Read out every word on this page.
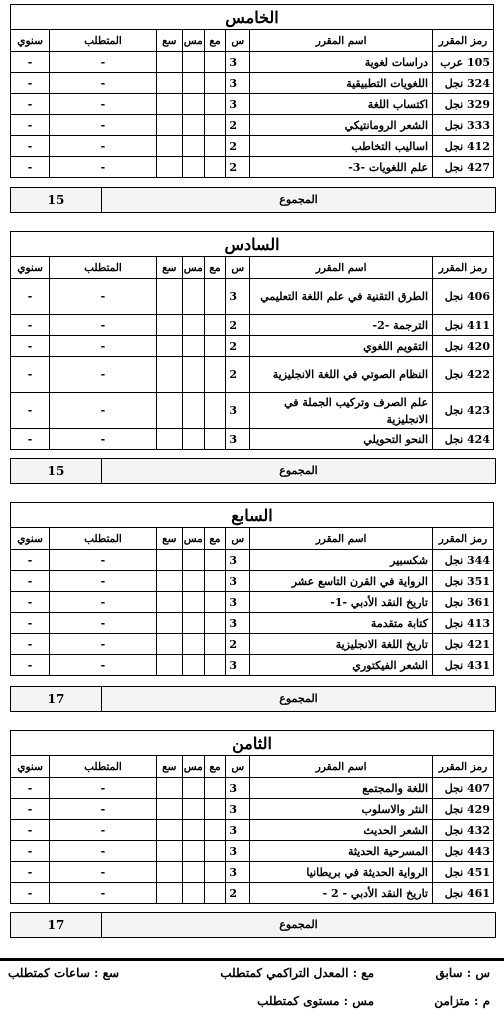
الخامس							
سنوي	المتطلب	سع	مس	مع	س	اسم المقرر	رمز المقرر
-	-				3	دراسات لغوية	105 عرب
-	-				3	اللغويات التطبيقية	324 نجل
-	-				3	اكتساب اللغة	329 نجل
-	-				2	الشعر الرومانتيكي	333 نجل
-	-				2	اساليب التخاطب	412 نجل
-	-				2	علم اللغويات -3-	427 نجل
15	المجموع
السادس							
سنوي	المتطلب	سع	مس	مع	س	اسم المقرر	رمز المقرر
-	-				3	الطرق التقنية في علم اللغة التعليمي	406 نجل
-	-				2	الترجمة -2-	411 نجل
-	-				2	التقويم اللغوي	420 نجل
-	-				2	النظام الصوتي في اللغة الانجليزية	422 نجل
-	-				3	علم الصرف وتركيب الجملة في الانجليزية	423 نجل
-	-				3	النحو التحويلي	424 نجل
15	المجموع
السابع							
سنوي	المتطلب	سع	مس	مع	س	اسم المقرر	رمز المقرر
-	-				3	شكسبير	344 نجل
-	-				3	الرواية في القرن التاسع عشر	351 نجل
-	-				3	تاريخ النقد الأدبي -1-	361 نجل
-	-				3	كتابة متقدمة	413 نجل
-	-				2	تاريخ اللغة الانجليزية	421 نجل
-	-				3	الشعر الفيكتوري	431 نجل
17	المجموع
الثامن							
سنوي	المتطلب	سع	مس	مع	س	اسم المقرر	رمز المقرر
-	-				3	اللغة والمجتمع	407 نجل
-	-				3	النثر والاسلوب	429 نجل
-	-				3	الشعر الحديث	432 نجل
-	-				3	المسرحية الحديثة	443 نجل
-	-				3	الرواية الحديثة في بريطانيا	451 نجل
-	-				2	تاريخ النقد الأدبي - 2 -	461 نجل
17	المجموع
س : سابق
م : متزامن
مع : المعدل التراكمي كمتطلب
مس : مستوى كمتطلب
سع : ساعات كمتطلب
